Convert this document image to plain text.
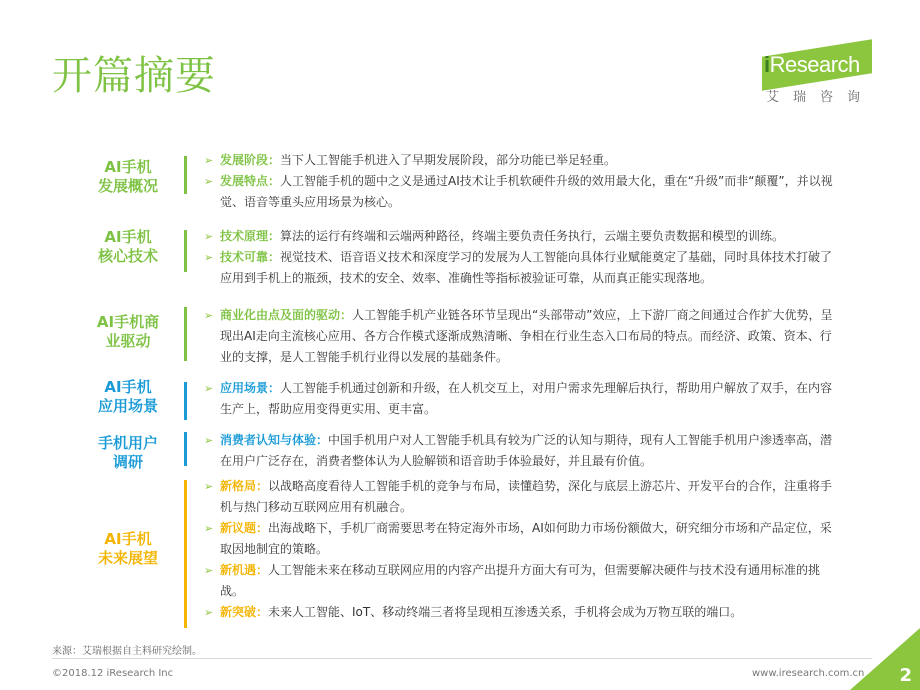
开篇摘要	iResearch
艾瑞咨询
AI手机
发展概况
➢ 发展阶段：当下人工智能手机进入了早期发展阶段，部分功能已举足轻重。
➢ 发展特点：人工智能手机的题中之义是通过AI技术让手机软硬件升级的效用最大化，重在“升级”而非“颠覆”，并以视觉、语音等重头应用场景为核心。
AI手机
核心技术
➢ 技术原理：算法的运行有终端和云端两种路径，终端主要负责任务执行，云端主要负责数据和模型的训练。
➢ 技术可靠：视觉技术、语音语义技术和深度学习的发展为人工智能向具体行业赋能奠定了基础，同时具体技术打破了应用到手机上的瓶颈，技术的安全、效率、准确性等指标被验证可靠，从而真正能实现落地。
AI手机商
业驱动
➢ 商业化由点及面的驱动：人工智能手机产业链各环节呈现出“头部带动”效应，上下游厂商之间通过合作扩大优势，呈现出AI走向主流核心应用、各方合作模式逐渐成熟清晰、争相在行业生态入口布局的特点。而经济、政策、资本、行业的支撑，是人工智能手机行业得以发展的基础条件。
AI手机
应用场景
➢ 应用场景：人工智能手机通过创新和升级，在人机交互上，对用户需求先理解后执行，帮助用户解放了双手，在内容生产上，帮助应用变得更实用、更丰富。
手机用户
调研
➢ 消费者认知与体验：中国手机用户对人工智能手机具有较为广泛的认知与期待，现有人工智能手机用户渗透率高，潜在用户广泛存在，消费者整体认为人脸解锁和语音助手体验最好，并且最有价值。
AI手机
未来展望
➢ 新格局：以战略高度看待人工智能手机的竞争与布局，读懂趋势，深化与底层上游芯片、开发平台的合作，注重将手机与热门移动互联网应用有机融合。
➢ 新议题：出海战略下，手机厂商需要思考在特定海外市场，AI如何助力市场份额做大，研究细分市场和产品定位，采取因地制宜的策略。
➢ 新机遇：人工智能未来在移动互联网应用的内容产出提升方面大有可为，但需要解决硬件与技术没有通用标准的挑战。
➢ 新突破：未来人工智能、IoT、移动终端三者将呈现相互渗透关系，手机将会成为万物互联的端口。
来源：艾瑞根据自主料研究绘制。
©2018.12 iResearch Inc	www.iresearch.com.cn 2
